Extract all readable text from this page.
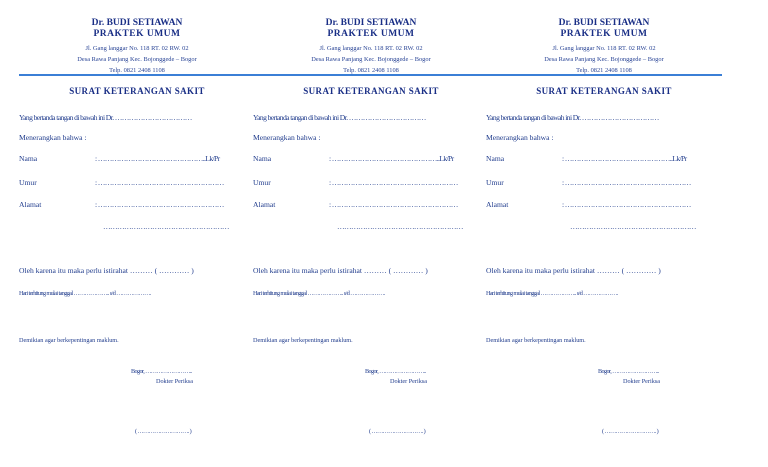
Dr. BUDI SETIAWAN
PRAKTEK UMUM
Jl. Gang langgar No. 118 RT. 02 RW. 02
Desa Rawa Panjang Kec. Bojonggede – Bogor
Telp. 0821 2408 1108
SURAT KETERANGAN SAKIT
Yang bertanda tangan di bawah ini Dr. ……………………………
Menerangkan bahwa :
Nama	: ………………………………………..Lk/Pr
Umur	: ………………………………………………
Alamat	: ………………………………………………
………………………………………………
Oleh karena itu maka perlu istirahat ……… ( ………… )
Hari terhitung mulai tanggal ……………….. s/d ……………….
Demikian agar berkepentingan maklum.
Bogor, ……………………..
Dokter Periksa
( ………………………. )
Dr. BUDI SETIAWAN
PRAKTEK UMUM
Jl. Gang langgar No. 118 RT. 02 RW. 02
Desa Rawa Panjang Kec. Bojonggede – Bogor
Telp. 0821 2408 1108
SURAT KETERANGAN SAKIT
Yang bertanda tangan di bawah ini Dr. ……………………………
Menerangkan bahwa :
Nama	: ………………………………………..Lk/Pr
Umur	: ………………………………………………
Alamat	: ………………………………………………
………………………………………………
Oleh karena itu maka perlu istirahat ……… ( ………… )
Hari terhitung mulai tanggal ……………….. s/d ……………….
Demikian agar berkepentingan maklum.
Bogor, ……………………..
Dokter Periksa
( ………………………. )
Dr. BUDI SETIAWAN
PRAKTEK UMUM
Jl. Gang langgar No. 118 RT. 02 RW. 02
Desa Rawa Panjang Kec. Bojonggede – Bogor
Telp. 0821 2408 1108
SURAT KETERANGAN SAKIT
Yang bertanda tangan di bawah ini Dr. ……………………………
Menerangkan bahwa :
Nama	: ………………………………………..Lk/Pr
Umur	: ………………………………………………
Alamat	: ………………………………………………
………………………………………………
Oleh karena itu maka perlu istirahat ……… ( ………… )
Hari terhitung mulai tanggal ……………….. s/d ……………….
Demikian agar berkepentingan maklum.
Bogor, ……………………..
Dokter Periksa
( ………………………. )
